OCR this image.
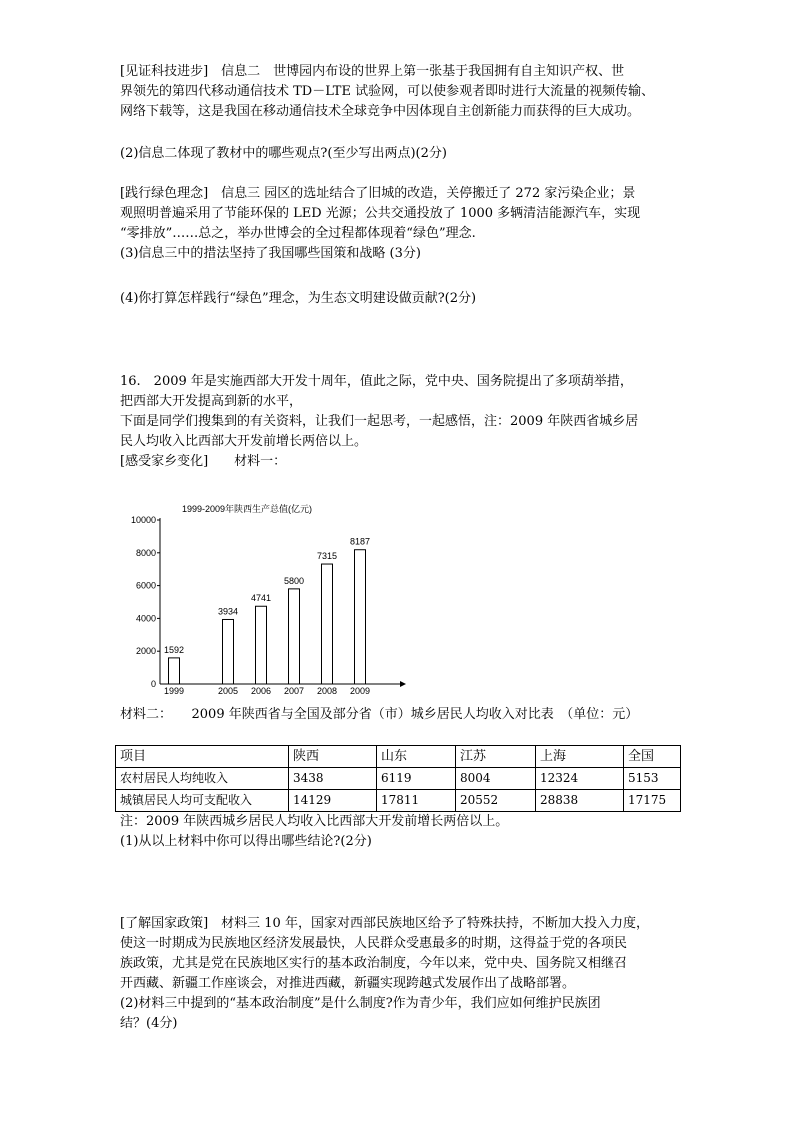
[见证科技进步]　信息二　世博园内布设的世界上第一张基于我国拥有自主知识产权、世
界领先的第四代移动通信技术 TD－LTE 试验网，可以使参观者即时进行大流量的视频传输、
网络下载等，这是我国在移动通信技术全球竞争中因体现自主创新能力而获得的巨大成功。
(2)信息二体现了教材中的哪些观点?(至少写出两点)(2分)
[践行绿色理念]　信息三 园区的选址结合了旧城的改造，关停搬迁了 272 家污染企业；景
观照明普遍采用了节能环保的 LED 光源；公共交通投放了 1000 多辆清洁能源汽车，实现
“零排放”……总之，举办世博会的全过程都体现着“绿色”理念.
(3)信息三中的措法坚持了我国哪些国策和战略 (3分)
(4)你打算怎样践行“绿色”理念，为生态文明建设做贡献?(2分)
16.　2009 年是实施西部大开发十周年，值此之际，党中央、国务院提出了多项葫举措，
把西部大开发提高到新的水平，
下面是同学们搜集到的有关资料，让我们一起思考，一起感悟，注：2009 年陕西省城乡居
民人均收入比西部大开发前增长两倍以上。
[感受家乡变化]　　材料一：
1999-2009年陕西生产总值(亿元)
0
2000
4000
6000
8000
10000
1592
3934
4741
5800
7315
8187
1999	2005 2006 2007 2008 2009
材料二：　　2009 年陕西省与全国及部分省（市）城乡居民人均收入对比表　（单位：元）
项目	陕西	山东	江苏	上海	全国
农村居民人均纯收入	3438	6119	8004	12324	5153
城镇居民人均可支配收入	14129	17811	20552	28838	17175
注：2009 年陕西城乡居民人均收入比西部大开发前增长两倍以上。
(1)从以上材料中你可以得出哪些结论?(2分)
[了解国家政策]　材料三 10 年，国家对西部民族地区给予了特殊扶持，不断加大投入力度，
使这一时期成为民族地区经济发展最快，人民群众受惠最多的时期，这得益于党的各项民
族政策，尤其是党在民族地区实行的基本政治制度，今年以来，党中央、国务院又相继召
开西藏、新疆工作座谈会，对推进西藏，新疆实现跨越式发展作出了战略部署。
(2)材料三中提到的“基本政治制度”是什么制度?作为青少年，我们应如何维护民族团
结？(4分)
